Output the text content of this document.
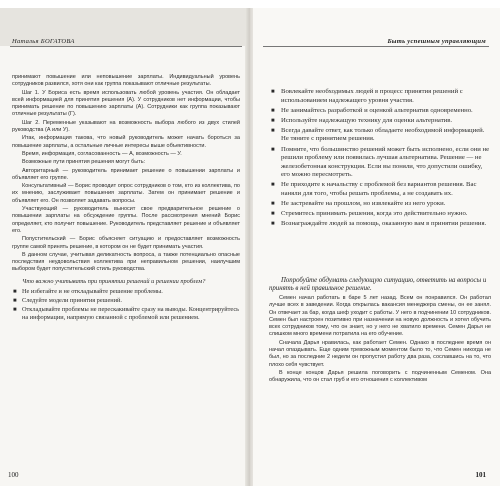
Наталья БОГАТОВА

принимают повышение или неповышение зарплаты. Индивидуальный уровень сотрудников развился, хотя они как группа показывают отличные результаты.

Шаг 1. У Бориса есть время использовать любой уровень участия. Он обладает всей информацией для принятия решения (А). У сотрудников нет информации, чтобы принимать решение по повышению зарплаты (А). Сотрудники как группа показывают отличные результаты (Г).

Шаг 2. Переменные указывают на возможность выбора любого из двух стилей руководства (А или У).

Итак, информация такова, что новый руководитель может начать бороться за повышение зарплаты, а остальные личные интересы выше объективности.

Время, информация, согласованность — А, возможность — У.

Возможные пути принятия решения могут быть:

Авторитарный — руководитель принимает решение о повышении зарплаты и объявляет его группе.

Консультативный — Борис проводит опрос сотрудников о том, кто из коллектива, по их мнению, заслуживает повышения зарплаты. Затем он принимает решение и объявляет его. Он позволяет задавать вопросы.

Участвующий — руководитель выносит свое предварительное решение о повышении зарплаты на обсуждение группы. После рассмотрения мнений Борис определяет, кто получит повышение. Руководитель представляет решение и объявляет его.

Попустительский — Борис объясняет ситуацию и предоставляет возможность группе самой принять решение, в котором он не будет принимать участия.

В данном случае, учитывая деликатность вопроса, а также потенциально опасные последствия неудовольствия коллектива при неправильном решении, наилучшим выбором будет попустительский стиль руководства.

Что важно учитывать при принятии решений и решении проблем?

■ Не избегайте и не откладывайте решение проблемы.
■ Следуйте модели принятия решений.
■ Откладывайте проблемы не перескакивайте сразу на выводы. Концентрируйтесь на информации, напрямую связанной с проблемой или решением.
100
Быть успешным управляющим
■ Вовлекайте необходимых людей в процесс принятия решений с использованием надлежащего уровня участия.
■ Не занимайтесь разработкой и оценкой альтернатив одновременно.
■ Используйте надлежащую технику для оценки альтернатив.
■ Всегда давайте ответ, как только обладаете необходимой информацией. Не тяните с принятием решения.
■ Помните, что большинство решений может быть исполнено, если они не решили проблему или появилась лучшая альтернатива. Решение — не железобетонная конструкция. Если вы поняли, что допустили ошибку, его можно пересмотреть.
■ Не приходите к начальству с проблемой без вариантов решения. Вас наняли для того, чтобы решать проблемы, а не создавать их.
■ Не застревайте на прошлом, но извлекайте из него уроки.
■ Стремитесь принимать решения, когда это действительно нужно.
■ Вознаграждайте людей за помощь, оказанную вам в принятии решения.

Попробуйте обдумать следующую ситуацию, ответить на вопросы и принять в ней правильное решение.

Семен начал работать в баре 5 лет назад. Всем он понравился. Он работал лучше всех в заведении. Когда открылась вакансия менеджера смены, он ее занял. Он отвечает за бар, когда шеф уходит с работы. У него в подчинении 10 сотрудников. Семен был настроен позитивно при назначении на новую должность и хотел обучить всех сотрудников тому, что он знает, но у него не хватило времени. Семен Дарья не слишком много времени потратила на его обучение.

Сначала Дарья нравилась, как работает Семен. Однако в последнее время он начал опаздывать. Еще одним тревожным моментом было то, что Семен никогда не был, но за последние 2 недели он пропустил работу два раза, сославшись на то, что плохо себя чувствует.

В конце концов Дарья решила поговорить с подчиненным Семеном. Она обнаружила, что он стал груб и его отношения с коллективом

101
